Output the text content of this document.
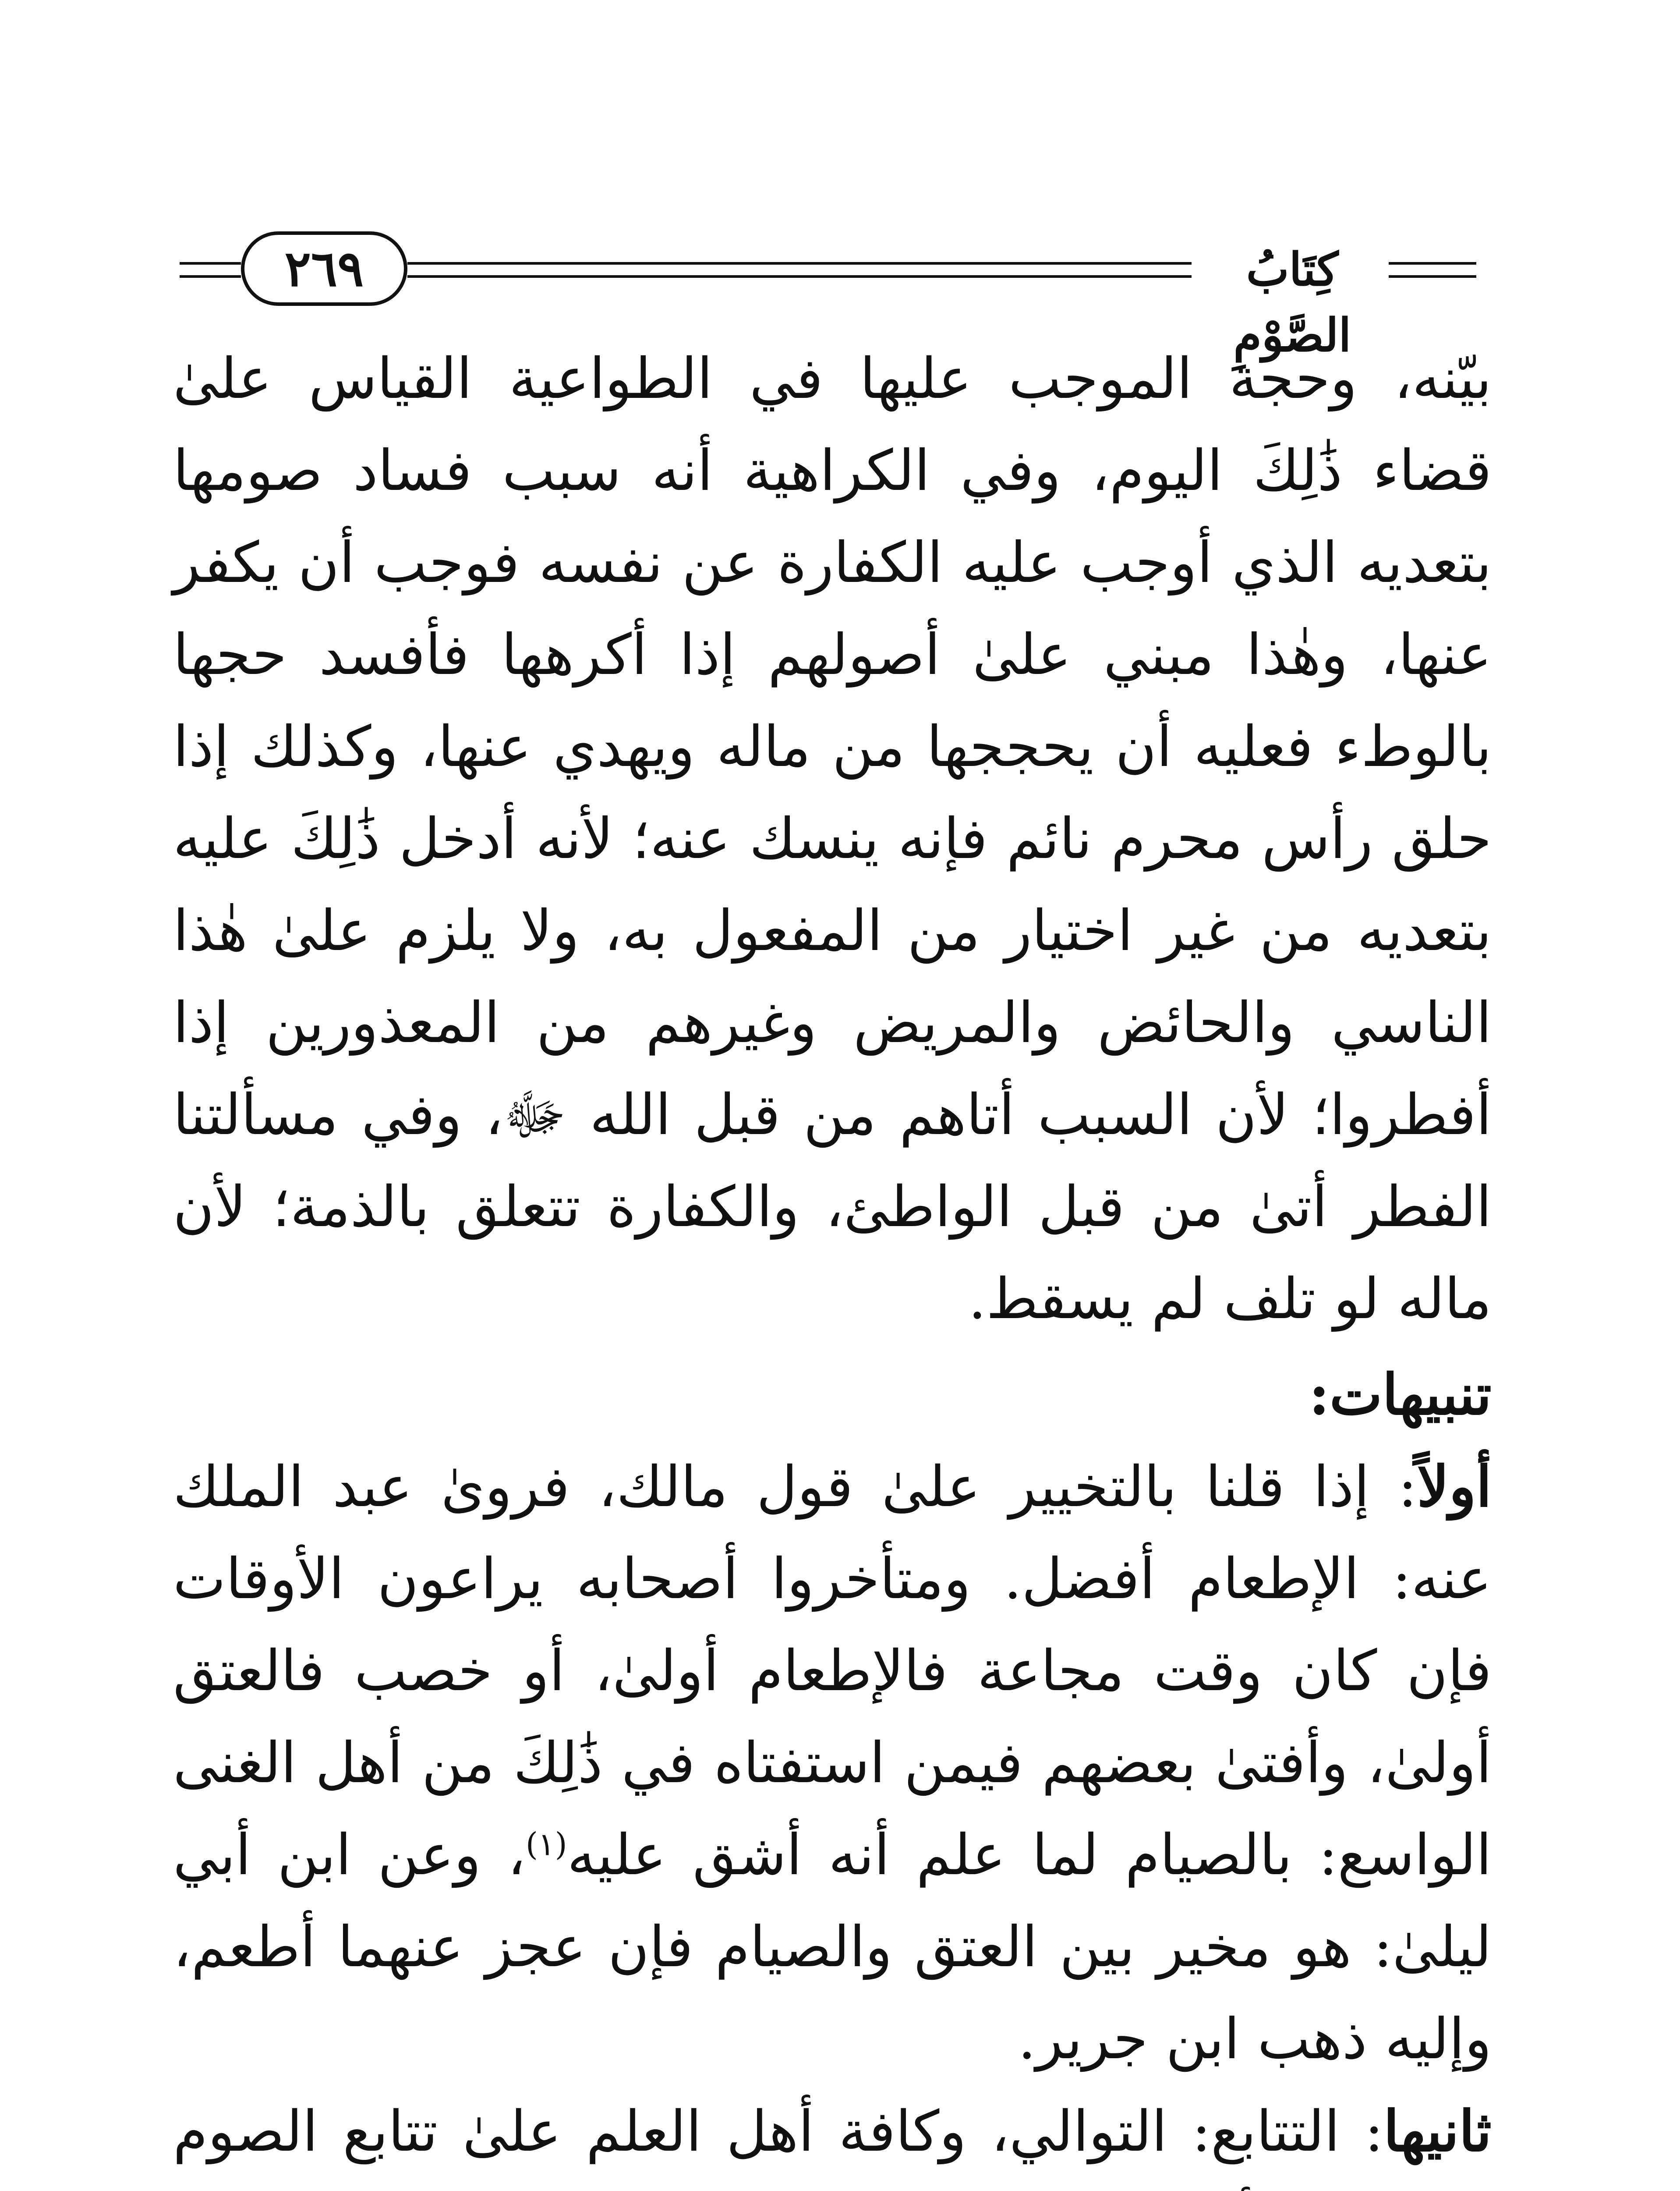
٢٦٩	كِتَابُ الصَّوْمِ

بيّنه، وحجة الموجب عليها في الطواعية القياس علىٰ قضاء ذَٰلِكَ اليوم، وفي الكراهية أنه سبب فساد صومها بتعديه الذي أوجب عليه الكفارة عن نفسه فوجب أن يكفر عنها، وهٰذا مبني علىٰ أصولهم إذا أكرهها فأفسد حجها بالوطء فعليه أن يحججها من ماله ويهدي عنها، وكذلك إذا حلق رأس محرم نائم فإنه ينسك عنه؛ لأنه أدخل ذَٰلِكَ عليه بتعديه من غير اختيار من المفعول به، ولا يلزم علىٰ هٰذا الناسي والحائض والمريض وغيرهم من المعذورين إذا أفطروا؛ لأن السبب أتاهم من قبل الله ﷻ، وفي مسألتنا الفطر أتىٰ من قبل الواطئ، والكفارة تتعلق بالذمة؛ لأن ماله لو تلف لم يسقط.

تنبيهات:

أولاً: إذا قلنا بالتخيير علىٰ قول مالك، فروىٰ عبد الملك عنه: الإطعام أفضل. ومتأخروا أصحابه يراعون الأوقات فإن كان وقت مجاعة فالإطعام أولىٰ، أو خصب فالعتق أولىٰ، وأفتىٰ بعضهم فيمن استفتاه في ذَٰلِكَ من أهل الغنى الواسع: بالصيام لما علم أنه أشق عليه$^{(١)}$، وعن ابن أبي ليلىٰ: هو مخير بين العتق والصيام فإن عجز عنهما أطعم، وإليه ذهب ابن جرير.

ثانيها: التتابع: التوالي، وكافة أهل العلم علىٰ تتابع الصوم
